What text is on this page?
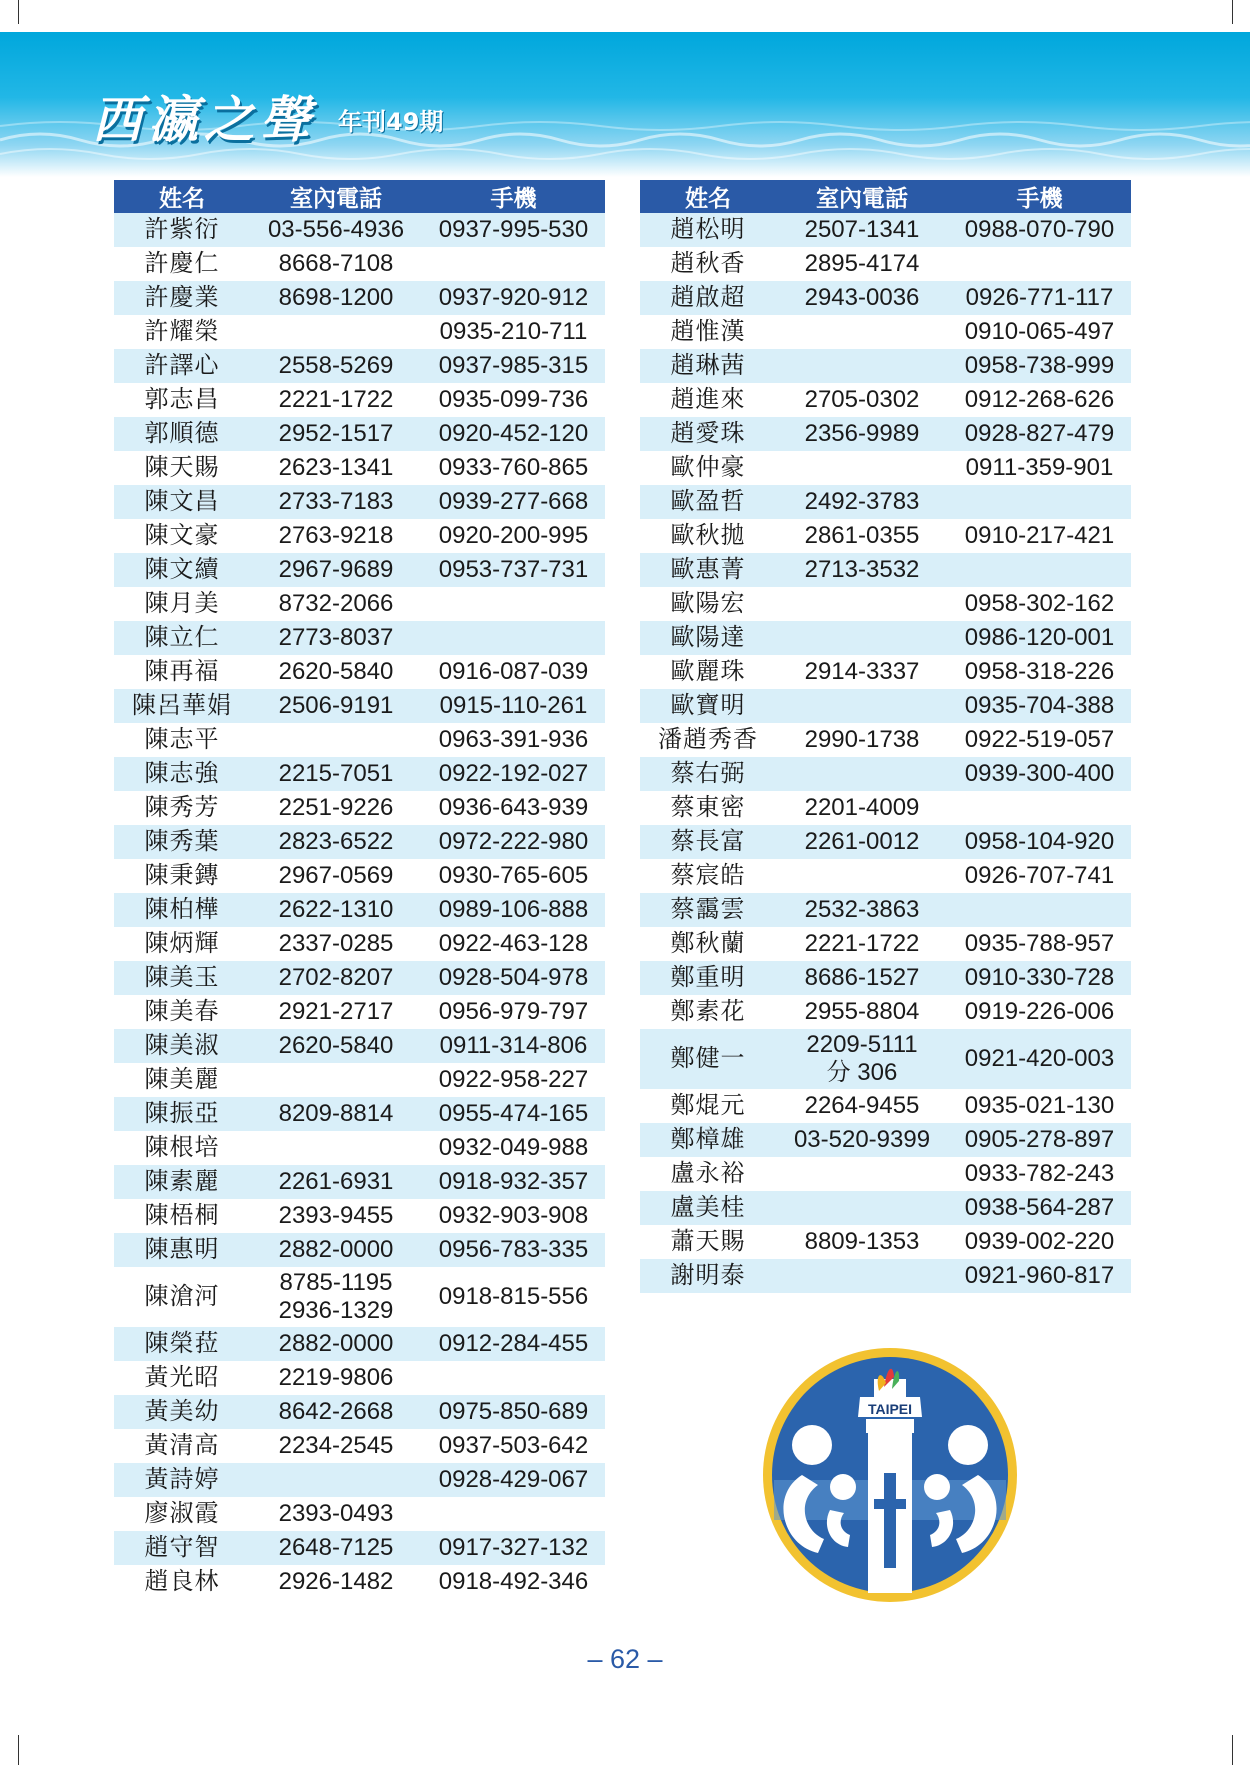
西瀛之聲 年刊49期
姓名	室內電話	手機
許紫衍	03-556-4936	0937-995-530
許慶仁	8668-7108	
許慶業	8698-1200	0937-920-912
許耀榮		0935-210-711
許譯心	2558-5269	0937-985-315
郭志昌	2221-1722	0935-099-736
郭順德	2952-1517	0920-452-120
陳天賜	2623-1341	0933-760-865
陳文昌	2733-7183	0939-277-668
陳文豪	2763-9218	0920-200-995
陳文續	2967-9689	0953-737-731
陳月美	8732-2066	
陳立仁	2773-8037	
陳再福	2620-5840	0916-087-039
陳呂華娟	2506-9191	0915-110-261
陳志平		0963-391-936
陳志強	2215-7051	0922-192-027
陳秀芳	2251-9226	0936-643-939
陳秀葉	2823-6522	0972-222-980
陳秉鏄	2967-0569	0930-765-605
陳柏樺	2622-1310	0989-106-888
陳炳輝	2337-0285	0922-463-128
陳美玉	2702-8207	0928-504-978
陳美春	2921-2717	0956-979-797
陳美淑	2620-5840	0911-314-806
陳美麗		0922-958-227
陳振亞	8209-8814	0955-474-165
陳根培		0932-049-988
陳素麗	2261-6931	0918-932-357
陳梧桐	2393-9455	0932-903-908
陳惠明	2882-0000	0956-783-335
陳滄河	8785-1195
2936-1329	0918-815-556
陳榮菈	2882-0000	0912-284-455
黃光昭	2219-9806	
黃美幼	8642-2668	0975-850-689
黃清高	2234-2545	0937-503-642
黃詩婷		0928-429-067
廖淑霞	2393-0493	
趙守智	2648-7125	0917-327-132
趙良林	2926-1482	0918-492-346
姓名	室內電話	手機
趙松明	2507-1341	0988-070-790
趙秋香	2895-4174	
趙啟超	2943-0036	0926-771-117
趙惟漢		0910-065-497
趙琳茜		0958-738-999
趙進來	2705-0302	0912-268-626
趙愛珠	2356-9989	0928-827-479
歐仲豪		0911-359-901
歐盈哲	2492-3783	
歐秋拋	2861-0355	0910-217-421
歐惠菁	2713-3532	
歐陽宏		0958-302-162
歐陽達		0986-120-001
歐麗珠	2914-3337	0958-318-226
歐寶明		0935-704-388
潘趙秀香	2990-1738	0922-519-057
蔡右弼		0939-300-400
蔡東密	2201-4009	
蔡長富	2261-0012	0958-104-920
蔡宸皓		0926-707-741
蔡靄雲	2532-3863	
鄭秋蘭	2221-1722	0935-788-957
鄭重明	8686-1527	0910-330-728
鄭素花	2955-8804	0919-226-006
鄭健一	2209-5111
分 306	0921-420-003
鄭焜元	2264-9455	0935-021-130
鄭樟雄	03-520-9399	0905-278-897
盧永裕		0933-782-243
盧美桂		0938-564-287
蕭天賜	8809-1353	0939-002-220
謝明泰		0921-960-817
TAIPEI
– 62 –
